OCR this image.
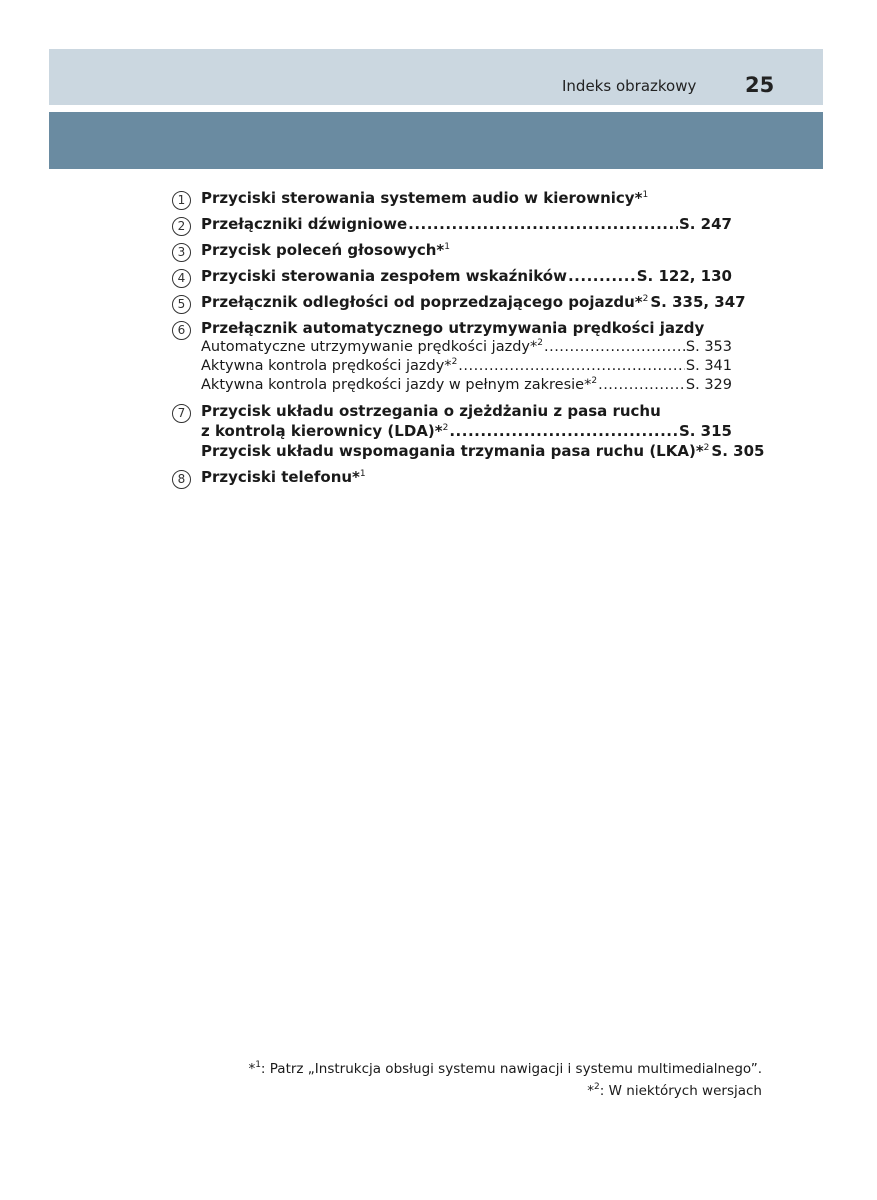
Indeks obrazkowy 25
1	Przyciski sterowania systemem audio w kierownicy*$^1$
2	Przełączniki dźwigniowe .....	S. 247
3	Przycisk poleceń głosowych*$^1$
4	Przyciski sterowania zespołem wskaźników .....	S. 122, 130
5	Przełącznik odległości od poprzedzającego pojazdu*$^2$ S. 335, 347
6	Przełącznik automatycznego utrzymywania prędkości jazdy
Automatyczne utrzymywanie prędkości jazdy*$^2$ .....	S. 353
Aktywna kontrola prędkości jazdy*$^2$ .....	S. 341
Aktywna kontrola prędkości jazdy w pełnym zakresie*$^2$ .....	S. 329
7	Przycisk układu ostrzegania o zjeżdżaniu z pasa ruchu
z kontrolą kierownicy (LDA)*$^2$ .....	S. 315
Przycisk układu wspomagania trzymania pasa ruchu (LKA)*$^2$ S. 305
8	Przyciski telefonu*$^1$
*$^1$: Patrz „Instrukcja obsługi systemu nawigacji i systemu multimedialnego”.
*$^2$: W niektórych wersjach
